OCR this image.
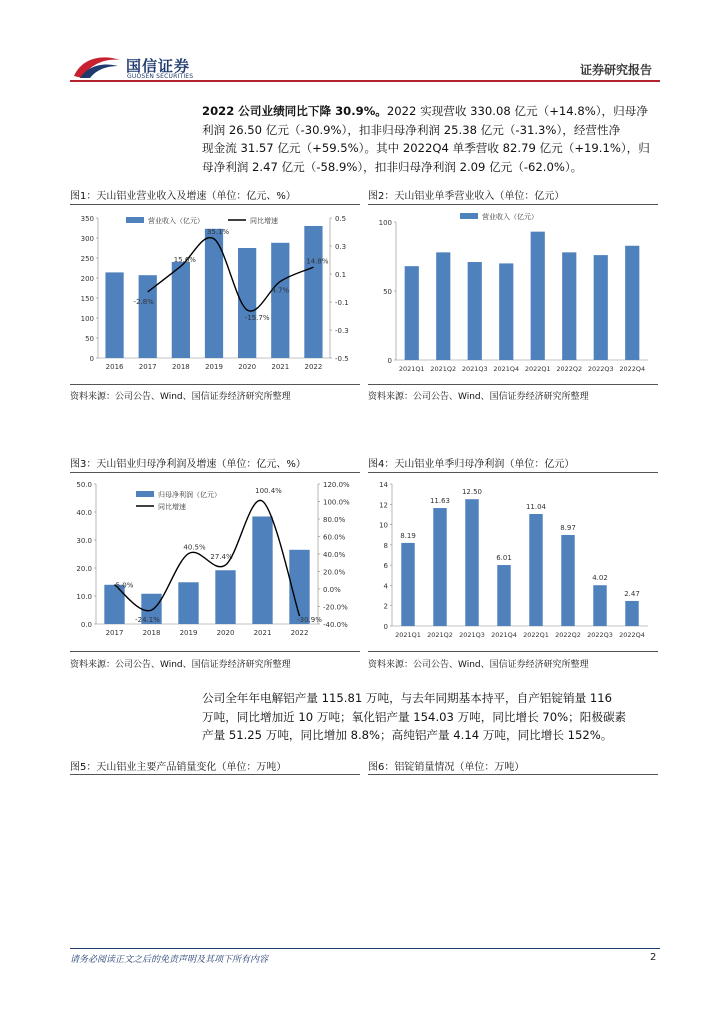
国信证券
GUOSEN SECURITIES	证券研究报告
2022 公司业绩同比下降 30.9%。2022 实现营收 330.08 亿元（+14.8%），归母净
利润 26.50 亿元（-30.9%），扣非归母净利润 25.38 亿元（-31.3%），经营性净
现金流 31.57 亿元（+59.5%）。其中 2022Q4 单季营收 82.79 亿元（+19.1%），归
母净利润 2.47 亿元（-58.9%），扣非归母净利润 2.09 亿元（-62.0%）。
图1：天山铝业营业收入及增速（单位：亿元、%）
0
50
100
150
200
250
300
350
2016 2017 2018 2019 2020 2021 2022
-0.5
-0.3
-0.1
0.1
0.3
0.5
-2.8%
15.6%
35.1%
-15.7%
4.7%
14.8%
营业收入（亿元）	同比增速
资料来源：公司公告、Wind、国信证券经济研究所整理
图2：天山铝业单季营业收入（单位：亿元）
0
50
100
2021Q1 2021Q2 2021Q3 2021Q4 2022Q1 2022Q2 2022Q3 2022Q4
营业收入（亿元）
资料来源：公司公告、Wind、国信证券经济研究所整理
图3：天山铝业归母净利润及增速（单位：亿元、%）
0.0
10.0
20.0
30.0
40.0
50.0
2017	2018	2019	2020	2021	2022
-40.0%
-20.0%
0.0%
20.0%
40.0%
60.0%
80.0%
100.0%
120.0%
5.0%
-24.1%
40.5%
27.4%
100.4%
-30.9%
归母净利润（亿元）
同比增速
资料来源：公司公告、Wind、国信证券经济研究所整理
图4：天山铝业单季归母净利润（单位：亿元）
0
2
4
6
8
10
12
14
2021Q1
8.19
2021Q2
11.63
2021Q3
12.50
2021Q4
6.01
2022Q1
11.04
2022Q2
8.97
2022Q3
4.02
2022Q4
2.47
资料来源：公司公告、Wind、国信证券经济研究所整理
公司全年年电解铝产量 115.81 万吨，与去年同期基本持平，自产铝锭销量 116
万吨，同比增加近 10 万吨；氧化铝产量 154.03 万吨，同比增长 70%；阳极碳素
产量 51.25 万吨，同比增加 8.8%；高纯铝产量 4.14 万吨，同比增长 152%。
图5：天山铝业主要产品销量变化（单位：万吨）	图6：铝锭销量情况（单位：万吨）
请务必阅读正文之后的免责声明及其项下所有内容	2
